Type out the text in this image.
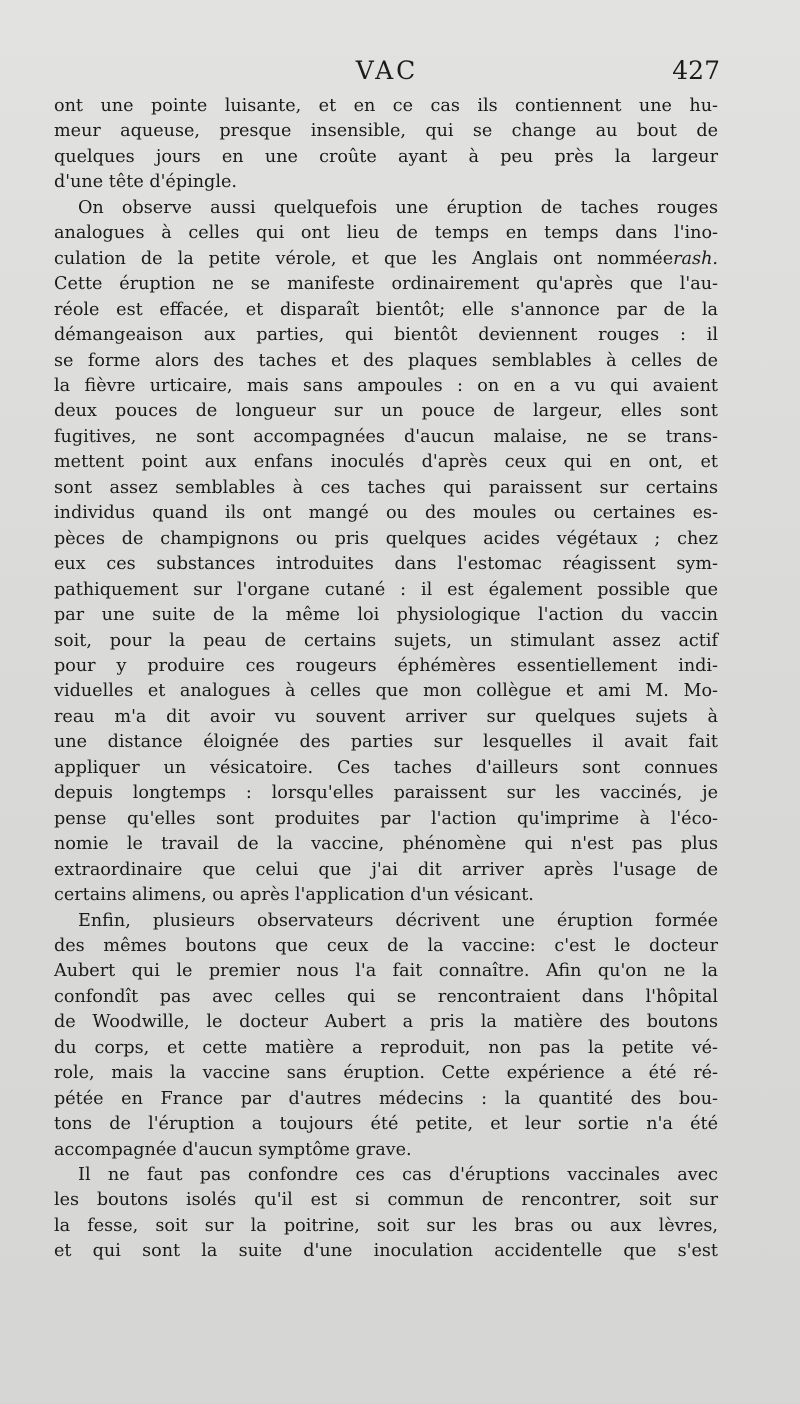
VAC	427
ont une pointe luisante, et en ce cas ils contiennent une hu-
meur aqueuse, presque insensible, qui se change au bout de
quelques jours en une croûte ayant à peu près la largeur
d'une tête d'épingle.
On observe aussi quelquefois une éruption de taches rouges
analogues à celles qui ont lieu de temps en temps dans l'ino-
culation de la petite vérole, et que les Anglais ont nomméerash.
Cette éruption ne se manifeste ordinairement qu'après que l'au-
réole est effacée, et disparaît bientôt; elle s'annonce par de la
démangeaison aux parties, qui bientôt deviennent rouges : il
se forme alors des taches et des plaques semblables à celles de
la fièvre urticaire, mais sans ampoules : on en a vu qui avaient
deux pouces de longueur sur un pouce de largeur, elles sont
fugitives, ne sont accompagnées d'aucun malaise, ne se trans-
mettent point aux enfans inoculés d'après ceux qui en ont, et
sont assez semblables à ces taches qui paraissent sur certains
individus quand ils ont mangé ou des moules ou certaines es-
pèces de champignons ou pris quelques acides végétaux ; chez
eux ces substances introduites dans l'estomac réagissent sym-
pathiquement sur l'organe cutané : il est également possible que
par une suite de la même loi physiologique l'action du vaccin
soit, pour la peau de certains sujets, un stimulant assez actif
pour y produire ces rougeurs éphémères essentiellement indi-
viduelles et analogues à celles que mon collègue et ami M. Mo-
reau m'a dit avoir vu souvent arriver sur quelques sujets à
une distance éloignée des parties sur lesquelles il avait fait
appliquer un vésicatoire. Ces taches d'ailleurs sont connues
depuis longtemps : lorsqu'elles paraissent sur les vaccinés, je
pense qu'elles sont produites par l'action qu'imprime à l'éco-
nomie le travail de la vaccine, phénomène qui n'est pas plus
extraordinaire que celui que j'ai dit arriver après l'usage de
certains alimens, ou après l'application d'un vésicant.
Enfin, plusieurs observateurs décrivent une éruption formée
des mêmes boutons que ceux de la vaccine: c'est le docteur
Aubert qui le premier nous l'a fait connaître. Afin qu'on ne la
confondît pas avec celles qui se rencontraient dans l'hôpital
de Woodwille, le docteur Aubert a pris la matière des boutons
du corps, et cette matière a reproduit, non pas la petite vé-
role, mais la vaccine sans éruption. Cette expérience a été ré-
pétée en France par d'autres médecins : la quantité des bou-
tons de l'éruption a toujours été petite, et leur sortie n'a été
accompagnée d'aucun symptôme grave.
Il ne faut pas confondre ces cas d'éruptions vaccinales avec
les boutons isolés qu'il est si commun de rencontrer, soit sur
la fesse, soit sur la poitrine, soit sur les bras ou aux lèvres,
et qui sont la suite d'une inoculation accidentelle que s'est
